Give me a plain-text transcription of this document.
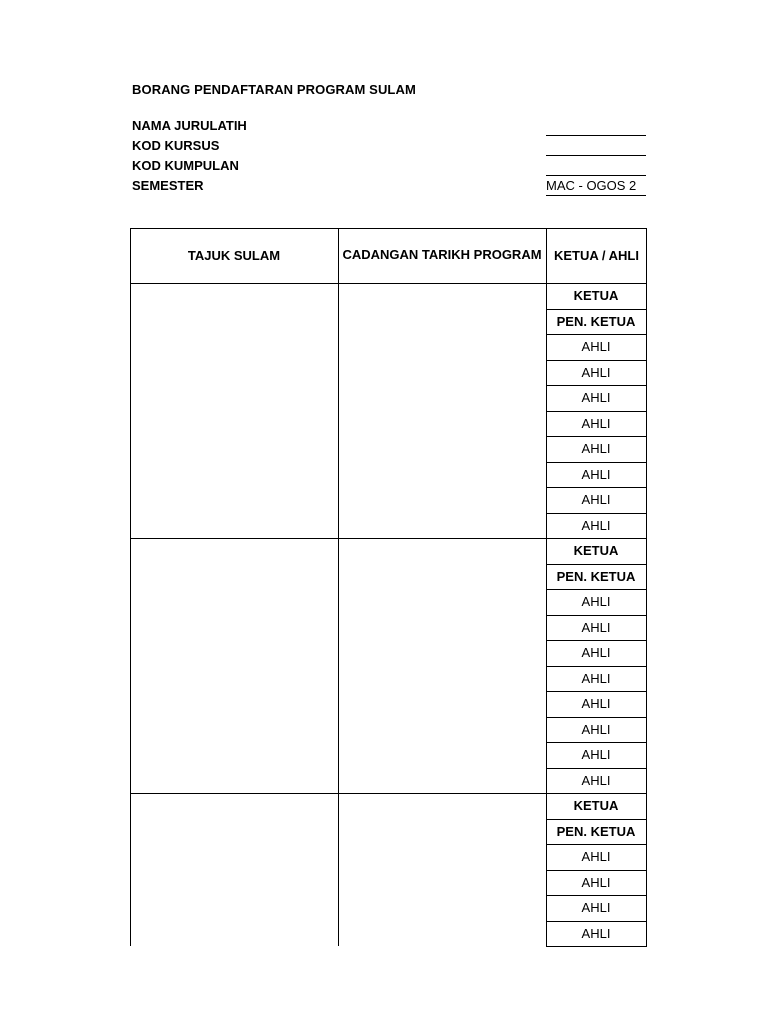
BORANG PENDAFTARAN PROGRAM SULAM
NAMA JURULATIH
KOD KURSUS
KOD KUMPULAN
SEMESTER	MAC - OGOS 2
TAJUK SULAM	CADANGAN TARIKH PROGRAM KETUA / AHLI
KETUA
PEN. KETUA
AHLI
AHLI
AHLI
AHLI
AHLI
AHLI
AHLI
AHLI
KETUA
PEN. KETUA
AHLI
AHLI
AHLI
AHLI
AHLI
AHLI
AHLI
AHLI
KETUA
PEN. KETUA
AHLI
AHLI
AHLI
AHLI
